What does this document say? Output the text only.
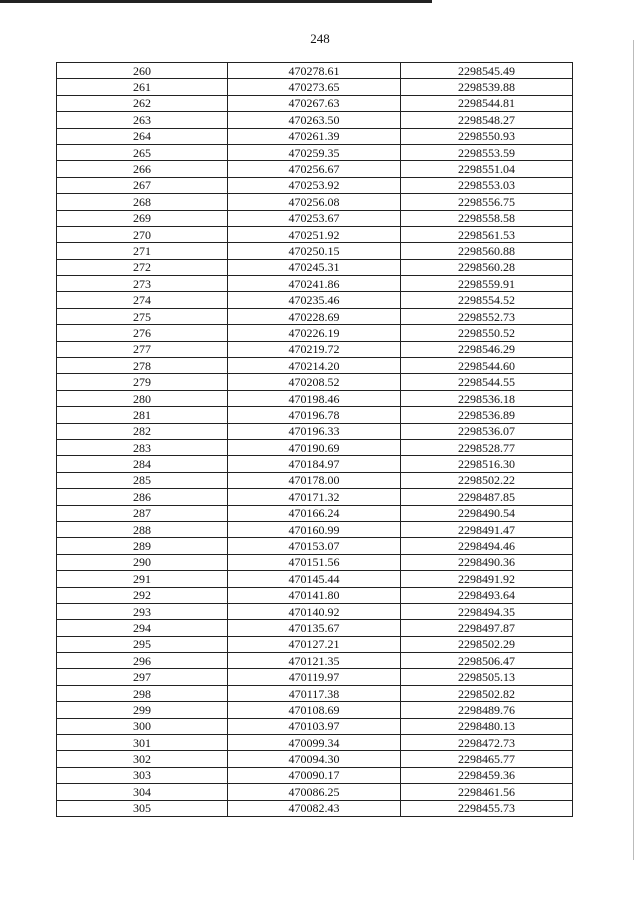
248
260	470278.61	2298545.49
261	470273.65	2298539.88
262	470267.63	2298544.81
263	470263.50	2298548.27
264	470261.39	2298550.93
265	470259.35	2298553.59
266	470256.67	2298551.04
267	470253.92	2298553.03
268	470256.08	2298556.75
269	470253.67	2298558.58
270	470251.92	2298561.53
271	470250.15	2298560.88
272	470245.31	2298560.28
273	470241.86	2298559.91
274	470235.46	2298554.52
275	470228.69	2298552.73
276	470226.19	2298550.52
277	470219.72	2298546.29
278	470214.20	2298544.60
279	470208.52	2298544.55
280	470198.46	2298536.18
281	470196.78	2298536.89
282	470196.33	2298536.07
283	470190.69	2298528.77
284	470184.97	2298516.30
285	470178.00	2298502.22
286	470171.32	2298487.85
287	470166.24	2298490.54
288	470160.99	2298491.47
289	470153.07	2298494.46
290	470151.56	2298490.36
291	470145.44	2298491.92
292	470141.80	2298493.64
293	470140.92	2298494.35
294	470135.67	2298497.87
295	470127.21	2298502.29
296	470121.35	2298506.47
297	470119.97	2298505.13
298	470117.38	2298502.82
299	470108.69	2298489.76
300	470103.97	2298480.13
301	470099.34	2298472.73
302	470094.30	2298465.77
303	470090.17	2298459.36
304	470086.25	2298461.56
305	470082.43	2298455.73
